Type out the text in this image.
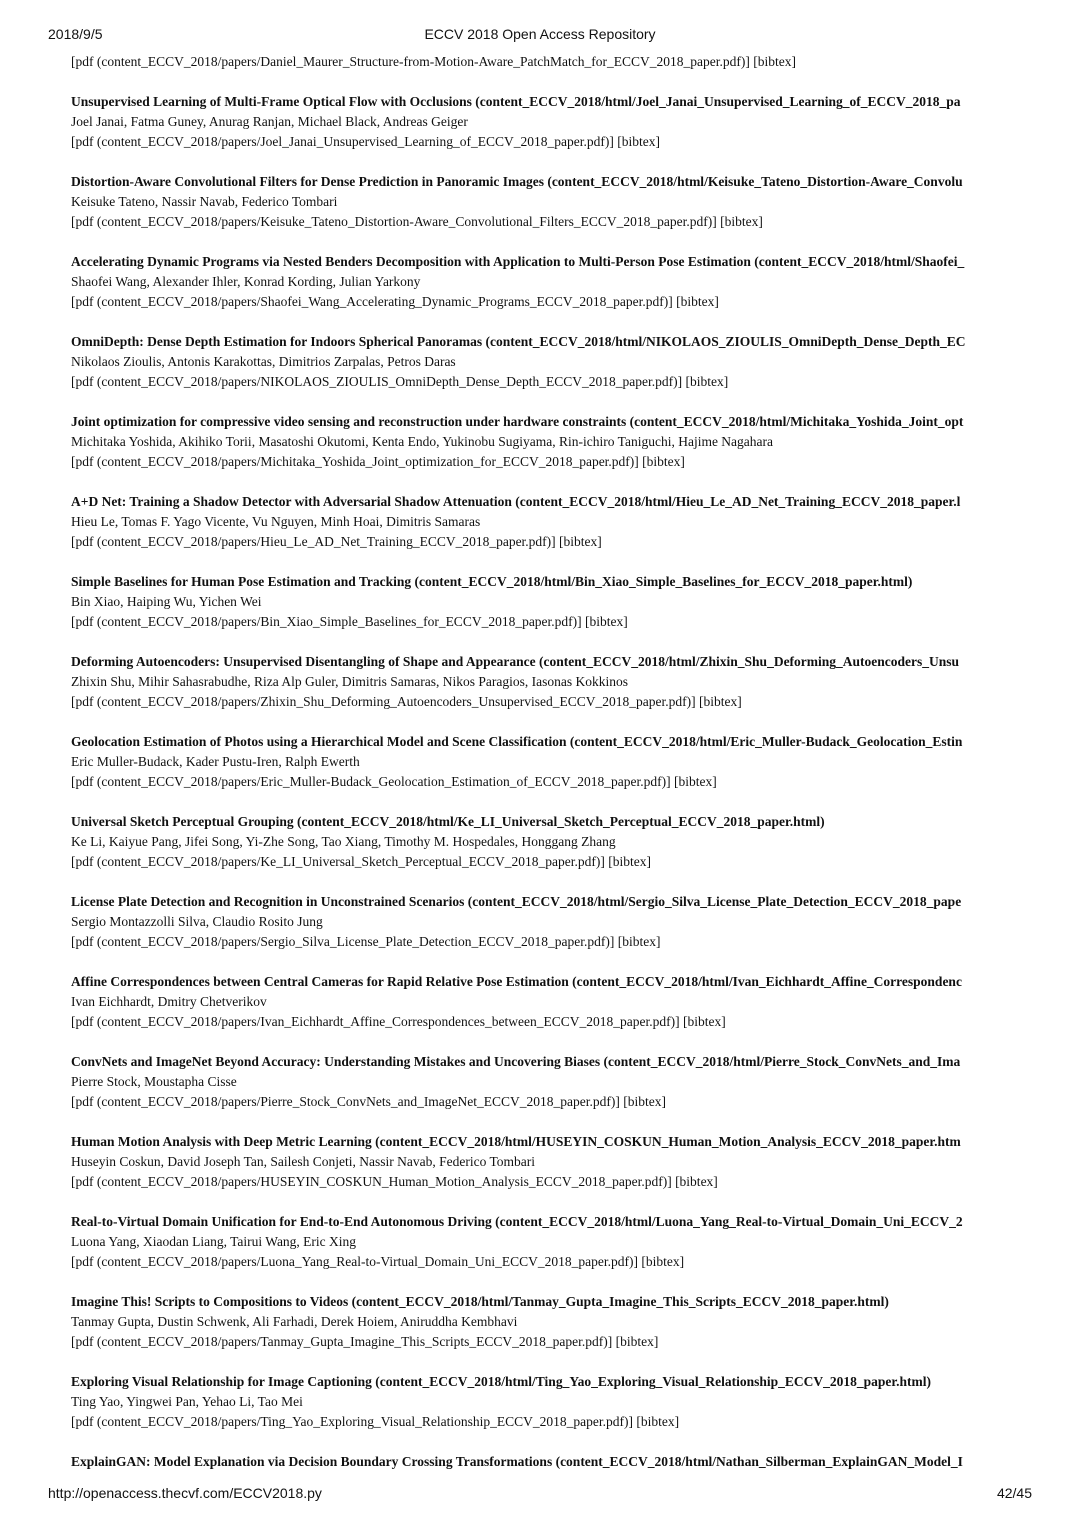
2018/9/5	ECCV 2018 Open Access Repository
[pdf (content_ECCV_2018/papers/Daniel_Maurer_Structure-from-Motion-Aware_PatchMatch_for_ECCV_2018_paper.pdf)] [bibtex]
Unsupervised Learning of Multi-Frame Optical Flow with Occlusions (content_ECCV_2018/html/Joel_Janai_Unsupervised_Learning_of_ECCV_2018_pa
Joel Janai, Fatma Guney, Anurag Ranjan, Michael Black, Andreas Geiger
[pdf (content_ECCV_2018/papers/Joel_Janai_Unsupervised_Learning_of_ECCV_2018_paper.pdf)] [bibtex]
Distortion-Aware Convolutional Filters for Dense Prediction in Panoramic Images (content_ECCV_2018/html/Keisuke_Tateno_Distortion-Aware_Convolu
Keisuke Tateno, Nassir Navab, Federico Tombari
[pdf (content_ECCV_2018/papers/Keisuke_Tateno_Distortion-Aware_Convolutional_Filters_ECCV_2018_paper.pdf)] [bibtex]
Accelerating Dynamic Programs via Nested Benders Decomposition with Application to Multi-Person Pose Estimation (content_ECCV_2018/html/Shaofei_
Shaofei Wang, Alexander Ihler, Konrad Kording, Julian Yarkony
[pdf (content_ECCV_2018/papers/Shaofei_Wang_Accelerating_Dynamic_Programs_ECCV_2018_paper.pdf)] [bibtex]
OmniDepth: Dense Depth Estimation for Indoors Spherical Panoramas (content_ECCV_2018/html/NIKOLAOS_ZIOULIS_OmniDepth_Dense_Depth_EC
Nikolaos Zioulis, Antonis Karakottas, Dimitrios Zarpalas, Petros Daras
[pdf (content_ECCV_2018/papers/NIKOLAOS_ZIOULIS_OmniDepth_Dense_Depth_ECCV_2018_paper.pdf)] [bibtex]
Joint optimization for compressive video sensing and reconstruction under hardware constraints (content_ECCV_2018/html/Michitaka_Yoshida_Joint_opt
Michitaka Yoshida, Akihiko Torii, Masatoshi Okutomi, Kenta Endo, Yukinobu Sugiyama, Rin-ichiro Taniguchi, Hajime Nagahara
[pdf (content_ECCV_2018/papers/Michitaka_Yoshida_Joint_optimization_for_ECCV_2018_paper.pdf)] [bibtex]
A+D Net: Training a Shadow Detector with Adversarial Shadow Attenuation (content_ECCV_2018/html/Hieu_Le_AD_Net_Training_ECCV_2018_paper.l
Hieu Le, Tomas F. Yago Vicente, Vu Nguyen, Minh Hoai, Dimitris Samaras
[pdf (content_ECCV_2018/papers/Hieu_Le_AD_Net_Training_ECCV_2018_paper.pdf)] [bibtex]
Simple Baselines for Human Pose Estimation and Tracking (content_ECCV_2018/html/Bin_Xiao_Simple_Baselines_for_ECCV_2018_paper.html)
Bin Xiao, Haiping Wu, Yichen Wei
[pdf (content_ECCV_2018/papers/Bin_Xiao_Simple_Baselines_for_ECCV_2018_paper.pdf)] [bibtex]
Deforming Autoencoders: Unsupervised Disentangling of Shape and Appearance (content_ECCV_2018/html/Zhixin_Shu_Deforming_Autoencoders_Unsu
Zhixin Shu, Mihir Sahasrabudhe, Riza Alp Guler, Dimitris Samaras, Nikos Paragios, Iasonas Kokkinos
[pdf (content_ECCV_2018/papers/Zhixin_Shu_Deforming_Autoencoders_Unsupervised_ECCV_2018_paper.pdf)] [bibtex]
Geolocation Estimation of Photos using a Hierarchical Model and Scene Classification (content_ECCV_2018/html/Eric_Muller-Budack_Geolocation_Estin
Eric Muller-Budack, Kader Pustu-Iren, Ralph Ewerth
[pdf (content_ECCV_2018/papers/Eric_Muller-Budack_Geolocation_Estimation_of_ECCV_2018_paper.pdf)] [bibtex]
Universal Sketch Perceptual Grouping (content_ECCV_2018/html/Ke_LI_Universal_Sketch_Perceptual_ECCV_2018_paper.html)
Ke Li, Kaiyue Pang, Jifei Song, Yi-Zhe Song, Tao Xiang, Timothy M. Hospedales, Honggang Zhang
[pdf (content_ECCV_2018/papers/Ke_LI_Universal_Sketch_Perceptual_ECCV_2018_paper.pdf)] [bibtex]
License Plate Detection and Recognition in Unconstrained Scenarios (content_ECCV_2018/html/Sergio_Silva_License_Plate_Detection_ECCV_2018_pape
Sergio Montazzolli Silva, Claudio Rosito Jung
[pdf (content_ECCV_2018/papers/Sergio_Silva_License_Plate_Detection_ECCV_2018_paper.pdf)] [bibtex]
Affine Correspondences between Central Cameras for Rapid Relative Pose Estimation (content_ECCV_2018/html/Ivan_Eichhardt_Affine_Correspondenc
Ivan Eichhardt, Dmitry Chetverikov
[pdf (content_ECCV_2018/papers/Ivan_Eichhardt_Affine_Correspondences_between_ECCV_2018_paper.pdf)] [bibtex]
ConvNets and ImageNet Beyond Accuracy: Understanding Mistakes and Uncovering Biases (content_ECCV_2018/html/Pierre_Stock_ConvNets_and_Ima
Pierre Stock, Moustapha Cisse
[pdf (content_ECCV_2018/papers/Pierre_Stock_ConvNets_and_ImageNet_ECCV_2018_paper.pdf)] [bibtex]
Human Motion Analysis with Deep Metric Learning (content_ECCV_2018/html/HUSEYIN_COSKUN_Human_Motion_Analysis_ECCV_2018_paper.htm
Huseyin Coskun, David Joseph Tan, Sailesh Conjeti, Nassir Navab, Federico Tombari
[pdf (content_ECCV_2018/papers/HUSEYIN_COSKUN_Human_Motion_Analysis_ECCV_2018_paper.pdf)] [bibtex]
Real-to-Virtual Domain Unification for End-to-End Autonomous Driving (content_ECCV_2018/html/Luona_Yang_Real-to-Virtual_Domain_Uni_ECCV_2
Luona Yang, Xiaodan Liang, Tairui Wang, Eric Xing
[pdf (content_ECCV_2018/papers/Luona_Yang_Real-to-Virtual_Domain_Uni_ECCV_2018_paper.pdf)] [bibtex]
Imagine This! Scripts to Compositions to Videos (content_ECCV_2018/html/Tanmay_Gupta_Imagine_This_Scripts_ECCV_2018_paper.html)
Tanmay Gupta, Dustin Schwenk, Ali Farhadi, Derek Hoiem, Aniruddha Kembhavi
[pdf (content_ECCV_2018/papers/Tanmay_Gupta_Imagine_This_Scripts_ECCV_2018_paper.pdf)] [bibtex]
Exploring Visual Relationship for Image Captioning (content_ECCV_2018/html/Ting_Yao_Exploring_Visual_Relationship_ECCV_2018_paper.html)
Ting Yao, Yingwei Pan, Yehao Li, Tao Mei
[pdf (content_ECCV_2018/papers/Ting_Yao_Exploring_Visual_Relationship_ECCV_2018_paper.pdf)] [bibtex]
ExplainGAN: Model Explanation via Decision Boundary Crossing Transformations (content_ECCV_2018/html/Nathan_Silberman_ExplainGAN_Model_I
http://openaccess.thecvf.com/ECCV2018.py	42/45
